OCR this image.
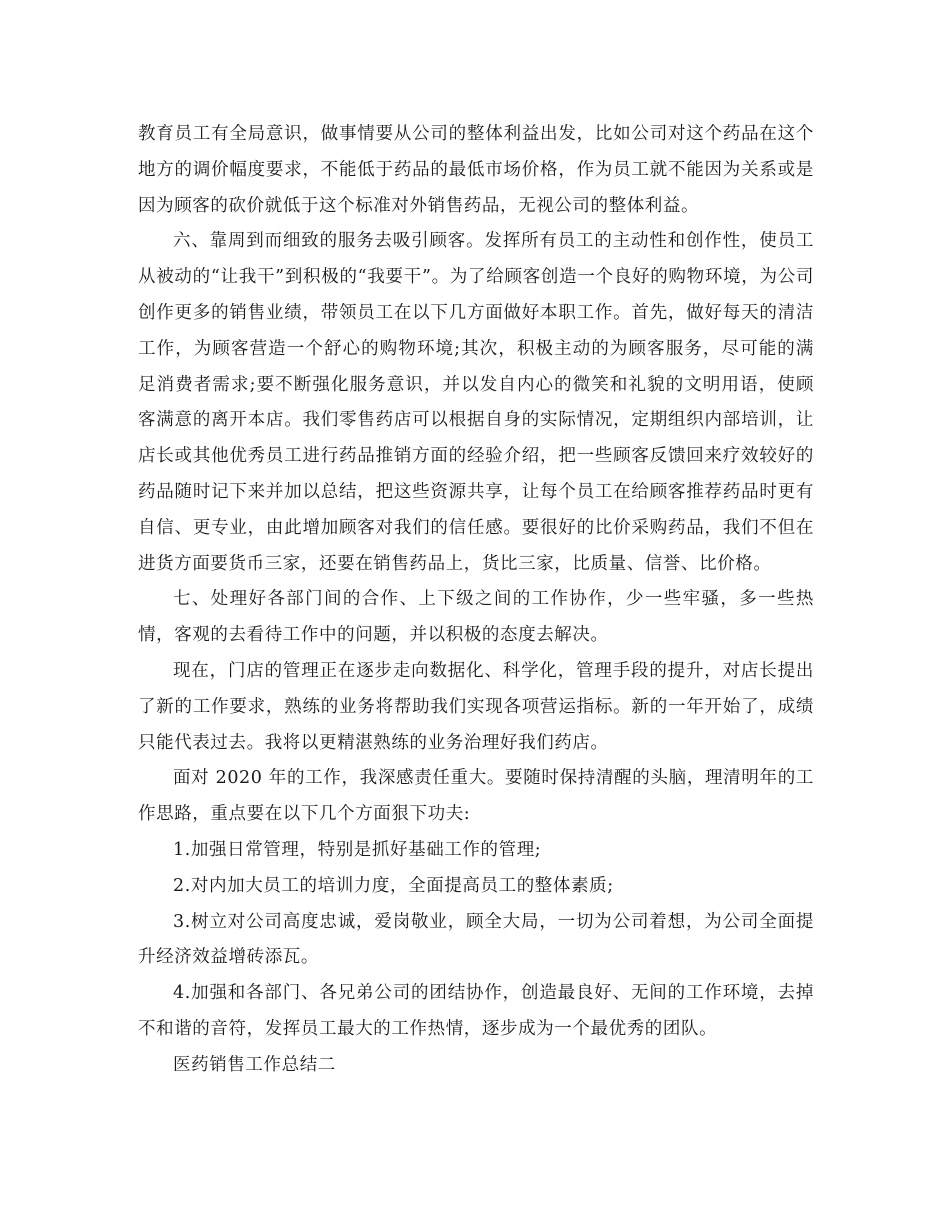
教育员工有全局意识，做事情要从公司的整体利益出发，比如公司对这个药品在这个地方的调价幅度要求，不能低于药品的最低市场价格，作为员工就不能因为关系或是因为顾客的砍价就低于这个标准对外销售药品，无视公司的整体利益。

六、靠周到而细致的服务去吸引顾客。发挥所有员工的主动性和创作性，使员工从被动的“让我干”到积极的“我要干”。为了给顾客创造一个良好的购物环境，为公司创作更多的销售业绩，带领员工在以下几方面做好本职工作。首先，做好每天的清洁工作，为顾客营造一个舒心的购物环境;其次，积极主动的为顾客服务，尽可能的满足消费者需求;要不断强化服务意识，并以发自内心的微笑和礼貌的文明用语，使顾客满意的离开本店。我们零售药店可以根据自身的实际情况，定期组织内部培训，让店长或其他优秀员工进行药品推销方面的经验介绍，把一些顾客反馈回来疗效较好的药品随时记下来并加以总结，把这些资源共享，让每个员工在给顾客推荐药品时更有自信、更专业，由此增加顾客对我们的信任感。要很好的比价采购药品，我们不但在进货方面要货币三家，还要在销售药品上，货比三家，比质量、信誉、比价格。

七、处理好各部门间的合作、上下级之间的工作协作，少一些牢骚，多一些热情，客观的去看待工作中的问题，并以积极的态度去解决。

现在，门店的管理正在逐步走向数据化、科学化，管理手段的提升，对店长提出了新的工作要求，熟练的业务将帮助我们实现各项营运指标。新的一年开始了，成绩只能代表过去。我将以更精湛熟练的业务治理好我们药店。

面对 2020 年的工作，我深感责任重大。要随时保持清醒的头脑，理清明年的工作思路，重点要在以下几个方面狠下功夫:

1.加强日常管理，特别是抓好基础工作的管理;

2.对内加大员工的培训力度，全面提高员工的整体素质;

3.树立对公司高度忠诚，爱岗敬业，顾全大局，一切为公司着想，为公司全面提升经济效益增砖添瓦。

4.加强和各部门、各兄弟公司的团结协作，创造最良好、无间的工作环境，去掉不和谐的音符，发挥员工最大的工作热情，逐步成为一个最优秀的团队。

医药销售工作总结二
